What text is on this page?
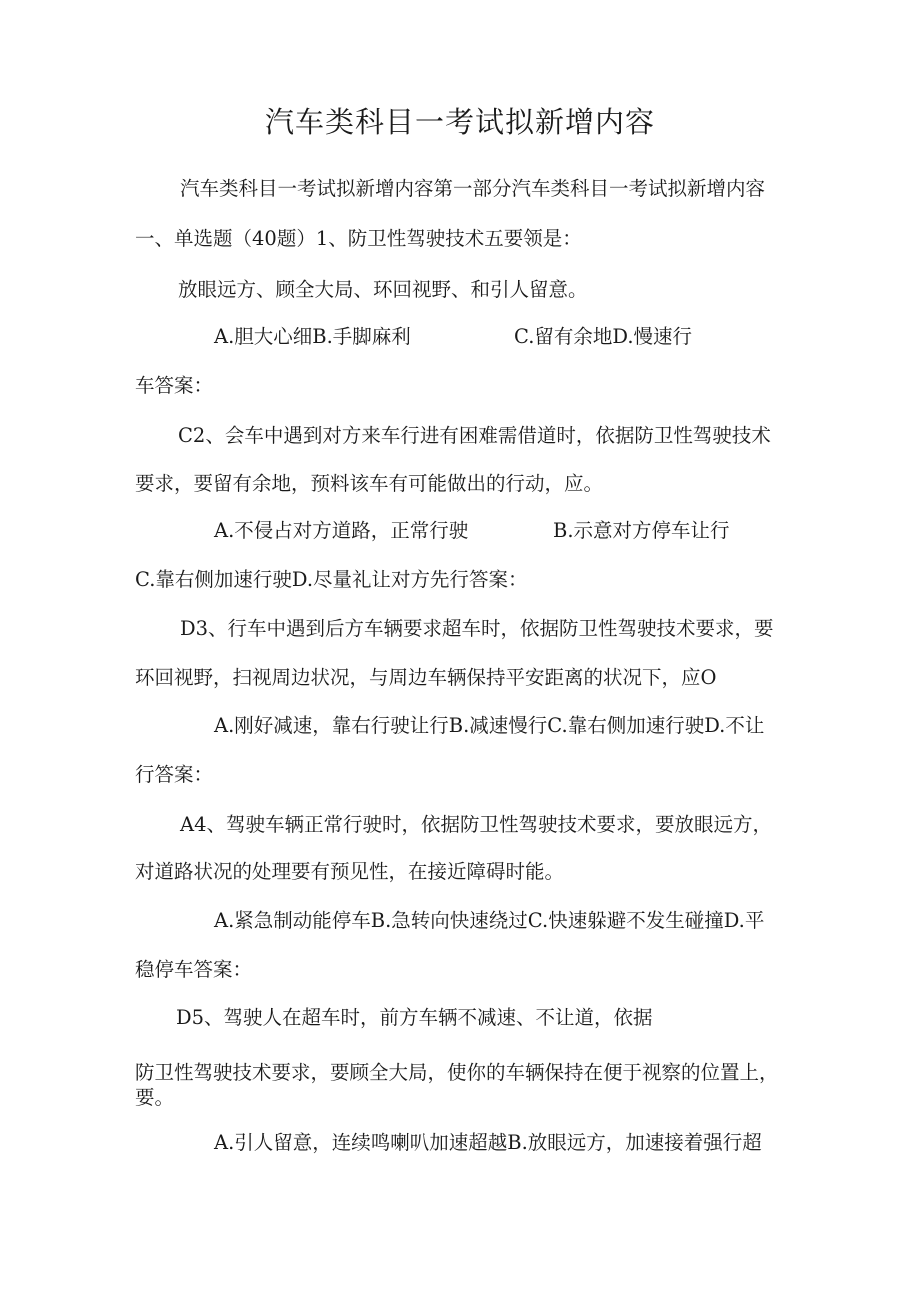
汽车类科目一考试拟新增内容
汽车类科目一考试拟新增内容第一部分汽车类科目一考试拟新增内容
一、单选题（40题）1、防卫性驾驶技术五要领是：
放眼远方、顾全大局、环回视野、和引人留意。
A.胆大心细B.手脚麻利	C.留有余地D.慢速行
车答案：
C2、会车中遇到对方来车行进有困难需借道时，依据防卫性驾驶技术
要求，要留有余地，预料该车有可能做出的行动，应。
A.不侵占对方道路，正常行驶	B.示意对方停车让行
C.靠右侧加速行驶D.尽量礼让对方先行答案：
D3、行车中遇到后方车辆要求超车时，依据防卫性驾驶技术要求，要
环回视野，扫视周边状况，与周边车辆保持平安距离的状况下，应O
A.刚好减速，靠右行驶让行B.减速慢行C.靠右侧加速行驶D.不让
行答案：
A4、驾驶车辆正常行驶时，依据防卫性驾驶技术要求，要放眼远方，
对道路状况的处理要有预见性，在接近障碍时能。
A.紧急制动能停车B.急转向快速绕过C.快速躲避不发生碰撞D.平
稳停车答案：
D5、驾驶人在超车时，前方车辆不减速、不让道，依据
防卫性驾驶技术要求，要顾全大局，使你的车辆保持在便于视察的位置上，
要。
A.引人留意，连续鸣喇叭加速超越B.放眼远方，加速接着强行超
